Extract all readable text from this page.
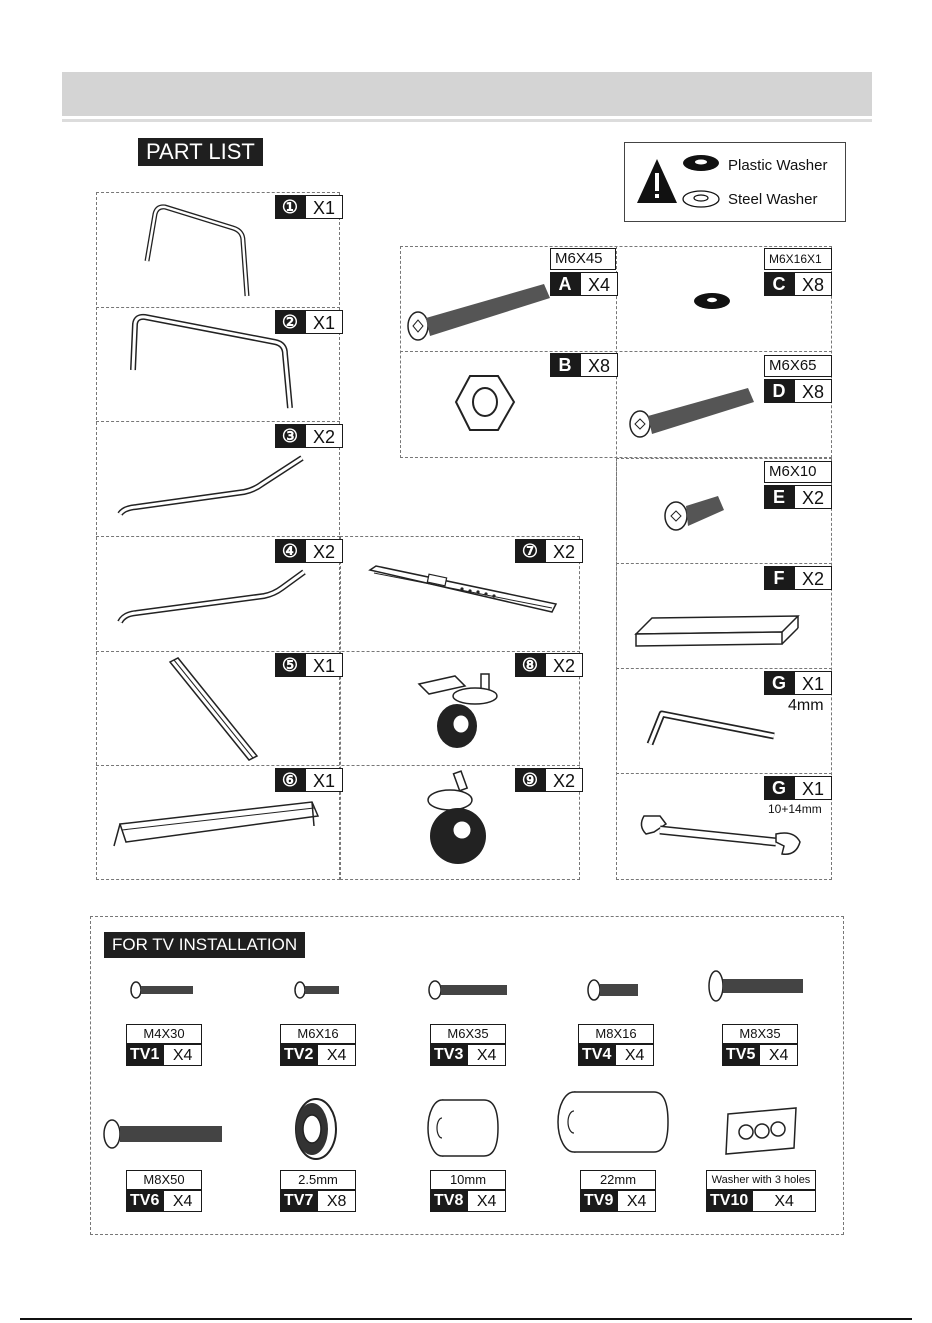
PART LIST
Plastic Washer
Steel Washer
① X1
② X1
③ X2
④ X2
⑤ X1
⑥ X1
⑦ X2
⑧ X2
⑨ X2
M6X45
A X4
B X8
M6X16X1
C X8
M6X65
D X8
M6X10
E X2
F X2
G X1
4mm
G X1
10+14mm
FOR TV INSTALLATION
M4X30
TV1 X4
M6X16
TV2 X4
M6X35
TV3 X4
M8X16
TV4 X4
M8X35
TV5 X4
M8X50
TV6 X4
2.5mm
TV7 X8
10mm
TV8 X4
22mm
TV9 X4
Washer with 3 holes
TV10	X4
